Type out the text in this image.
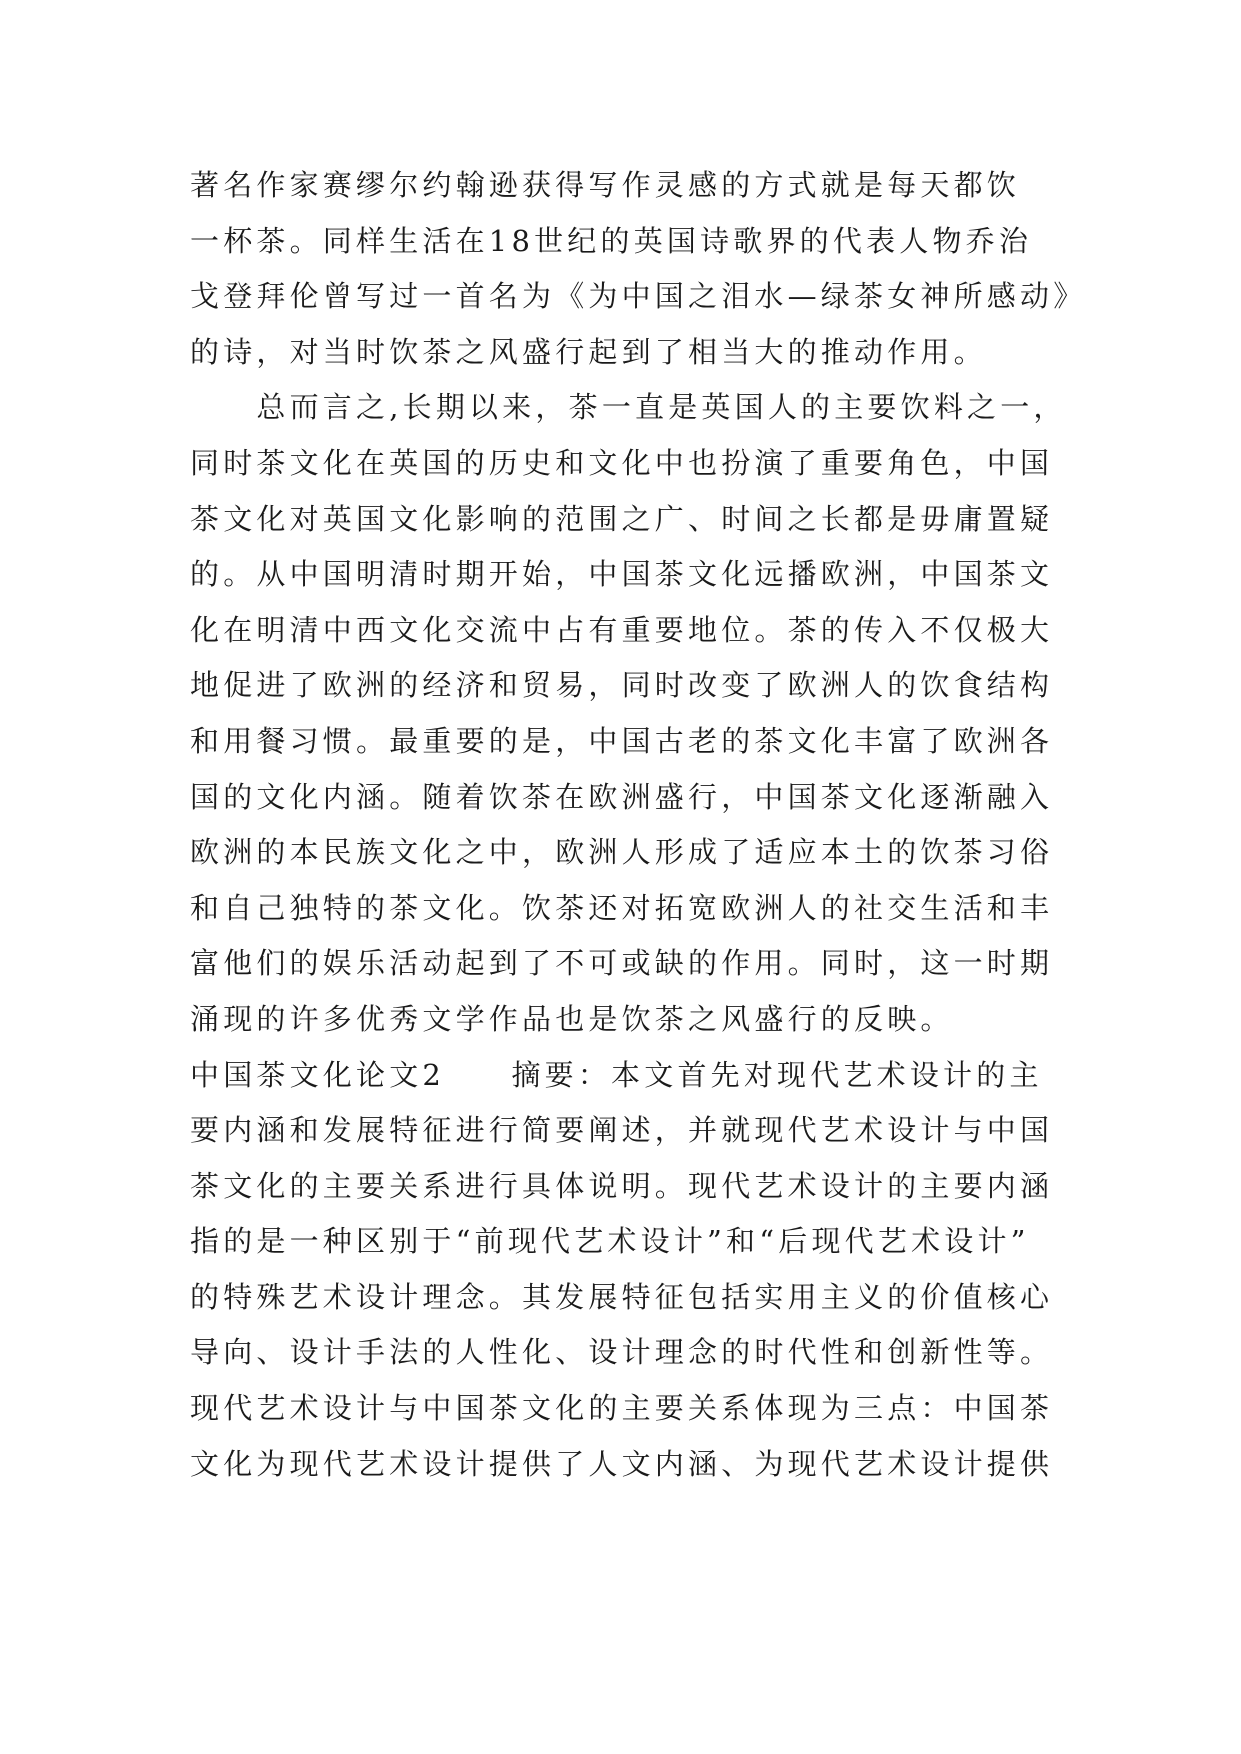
著名作家赛缪尔约翰逊获得写作灵感的方式就是每天都饮
一杯茶。同样生活在18世纪的英国诗歌界的代表人物乔治
戈登拜伦曾写过一首名为《为中国之泪水—绿茶女神所感动》
的诗，对当时饮茶之风盛行起到了相当大的推动作用。
　　总而言之,长期以来，茶一直是英国人的主要饮料之一，
同时茶文化在英国的历史和文化中也扮演了重要角色，中国
茶文化对英国文化影响的范围之广、时间之长都是毋庸置疑
的。从中国明清时期开始，中国茶文化远播欧洲，中国茶文
化在明清中西文化交流中占有重要地位。茶的传入不仅极大
地促进了欧洲的经济和贸易，同时改变了欧洲人的饮食结构
和用餐习惯。最重要的是，中国古老的茶文化丰富了欧洲各
国的文化内涵。随着饮茶在欧洲盛行，中国茶文化逐渐融入
欧洲的本民族文化之中，欧洲人形成了适应本土的饮茶习俗
和自己独特的茶文化。饮茶还对拓宽欧洲人的社交生活和丰
富他们的娱乐活动起到了不可或缺的作用。同时，这一时期
涌现的许多优秀文学作品也是饮茶之风盛行的反映。
中国茶文化论文2　　摘要：本文首先对现代艺术设计的主
要内涵和发展特征进行简要阐述，并就现代艺术设计与中国
茶文化的主要关系进行具体说明。现代艺术设计的主要内涵
指的是一种区别于“前现代艺术设计”和“后现代艺术设计”
的特殊艺术设计理念。其发展特征包括实用主义的价值核心
导向、设计手法的人性化、设计理念的时代性和创新性等。
现代艺术设计与中国茶文化的主要关系体现为三点：中国茶
文化为现代艺术设计提供了人文内涵、为现代艺术设计提供
